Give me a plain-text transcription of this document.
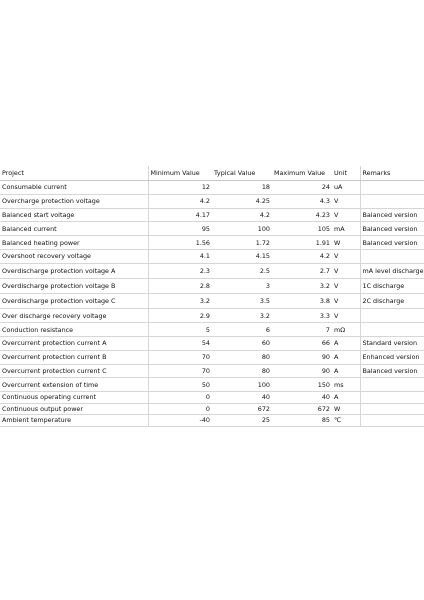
Project	Minimum Value	Typical Value	Maximum Value	Unit	Remarks
Consumable current	12	18	24	uA	
Overcharge protection voltage	4.2	4.25	4.3	V	
Balanced start voltage	4.17	4.2	4.23	V	Balanced version
Balanced current	95	100	105	mA	Balanced version
Balanced heating power	1.56	1.72	1.91	W	Balanced version
Overshoot recovery voltage	4.1	4.15	4.2	V	
Overdischarge protection voltage A	2.3	2.5	2.7	V	mA level discharge
Overdischarge protection voltage B	2.8	3	3.2	V	1C discharge
Overdischarge protection voltage C	3.2	3.5	3.8	V	2C discharge
Over discharge recovery voltage	2.9	3.2	3.3	V	
Conduction resistance	5	6	7	mΩ	
Overcurrent protection current A	54	60	66	A	Standard version
Overcurrent protection current B	70	80	90	A	Enhanced version
Overcurrent protection current C	70	80	90	A	Balanced version
Overcurrent extension of time	50	100	150	ms	
Continuous operating current	0	40	40	A	
Continuous output power	0	672	672	W	
Ambient temperature	-40	25	85	℃	
